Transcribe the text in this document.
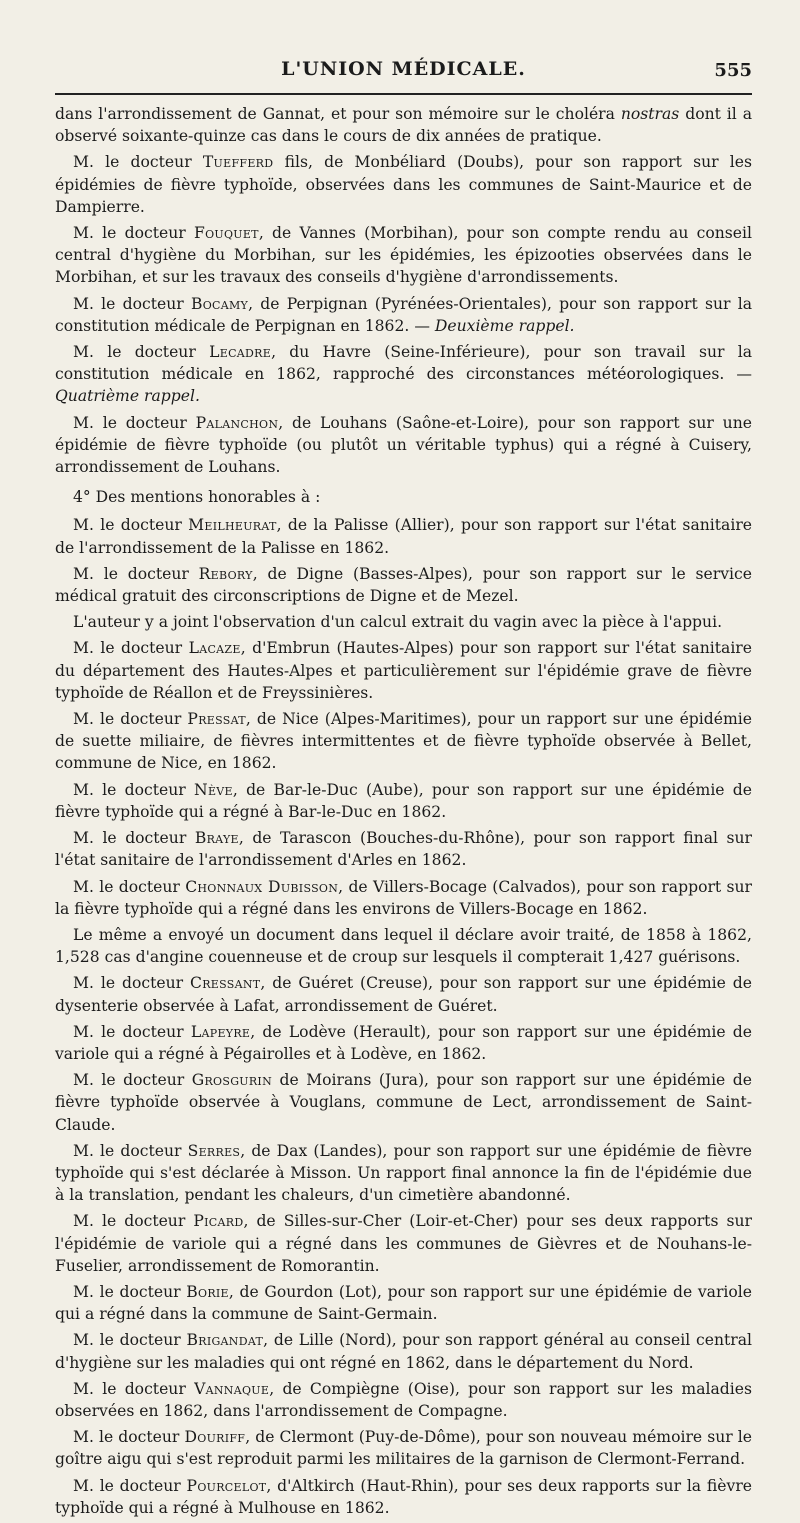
L'UNION MÉDICALE.	555

dans l'arrondissement de Gannat, et pour son mémoire sur le choléra nostras dont il a observé soixante-quinze cas dans le cours de dix années de pratique.

M. le docteur Tuefferd fils, de Monbéliard (Doubs), pour son rapport sur les épidémies de fièvre typhoïde, observées dans les communes de Saint-Maurice et de Dampierre.

M. le docteur Fouquet, de Vannes (Morbihan), pour son compte rendu au conseil central d'hygiène du Morbihan, sur les épidémies, les épizooties observées dans le Morbihan, et sur les travaux des conseils d'hygiène d'arrondissements.

M. le docteur Bocamy, de Perpignan (Pyrénées-Orientales), pour son rapport sur la constitution médicale de Perpignan en 1862. — Deuxième rappel.

M. le docteur Lecadre, du Havre (Seine-Inférieure), pour son travail sur la constitution médicale en 1862, rapproché des circonstances météorologiques. — Quatrième rappel.

M. le docteur Palanchon, de Louhans (Saône-et-Loire), pour son rapport sur une épidémie de fièvre typhoïde (ou plutôt un véritable typhus) qui a régné à Cuisery, arrondissement de Louhans.

4° Des mentions honorables à :

M. le docteur Meilheurat, de la Palisse (Allier), pour son rapport sur l'état sanitaire de l'arrondissement de la Palisse en 1862.

M. le docteur Rebory, de Digne (Basses-Alpes), pour son rapport sur le service médical gratuit des circonscriptions de Digne et de Mezel.

L'auteur y a joint l'observation d'un calcul extrait du vagin avec la pièce à l'appui.

M. le docteur Lacaze, d'Embrun (Hautes-Alpes) pour son rapport sur l'état sanitaire du département des Hautes-Alpes et particulièrement sur l'épidémie grave de fièvre typhoïde de Réallon et de Freyssinières.

M. le docteur Pressat, de Nice (Alpes-Maritimes), pour un rapport sur une épidémie de suette miliaire, de fièvres intermittentes et de fièvre typhoïde observée à Bellet, commune de Nice, en 1862.

M. le docteur Nève, de Bar-le-Duc (Aube), pour son rapport sur une épidémie de fièvre typhoïde qui a régné à Bar-le-Duc en 1862.

M. le docteur Braye, de Tarascon (Bouches-du-Rhône), pour son rapport final sur l'état sanitaire de l'arrondissement d'Arles en 1862.

M. le docteur Chonnaux Dubisson, de Villers-Bocage (Calvados), pour son rapport sur la fièvre typhoïde qui a régné dans les environs de Villers-Bocage en 1862.

Le même a envoyé un document dans lequel il déclare avoir traité, de 1858 à 1862, 1,528 cas d'angine couenneuse et de croup sur lesquels il compterait 1,427 guérisons.

M. le docteur Cressant, de Guéret (Creuse), pour son rapport sur une épidémie de dysenterie observée à Lafat, arrondissement de Guéret.

M. le docteur Lapeyre, de Lodève (Herault), pour son rapport sur une épidémie de variole qui a régné à Pégairolles et à Lodève, en 1862.

M. le docteur Grosgurin de Moirans (Jura), pour son rapport sur une épidémie de fièvre typhoïde observée à Vouglans, commune de Lect, arrondissement de Saint-Claude.

M. le docteur Serres, de Dax (Landes), pour son rapport sur une épidémie de fièvre typhoïde qui s'est déclarée à Misson. Un rapport final annonce la fin de l'épidémie due à la translation, pendant les chaleurs, d'un cimetière abandonné.

M. le docteur Picard, de Silles-sur-Cher (Loir-et-Cher) pour ses deux rapports sur l'épidémie de variole qui a régné dans les communes de Gièvres et de Nouhans-le-Fuselier, arrondissement de Romorantin.

M. le docteur Borie, de Gourdon (Lot), pour son rapport sur une épidémie de variole qui a régné dans la commune de Saint-Germain.

M. le docteur Brigandat, de Lille (Nord), pour son rapport général au conseil central d'hygiène sur les maladies qui ont régné en 1862, dans le département du Nord.

M. le docteur Vannaque, de Compiègne (Oise), pour son rapport sur les maladies observées en 1862, dans l'arrondissement de Compagne.

M. le docteur Douriff, de Clermont (Puy-de-Dôme), pour son nouveau mémoire sur le goître aigu qui s'est reproduit parmi les militaires de la garnison de Clermont-Ferrand.

M. le docteur Pourcelot, d'Altkirch (Haut-Rhin), pour ses deux rapports sur la fièvre typhoïde qui a régné à Mulhouse en 1862.
